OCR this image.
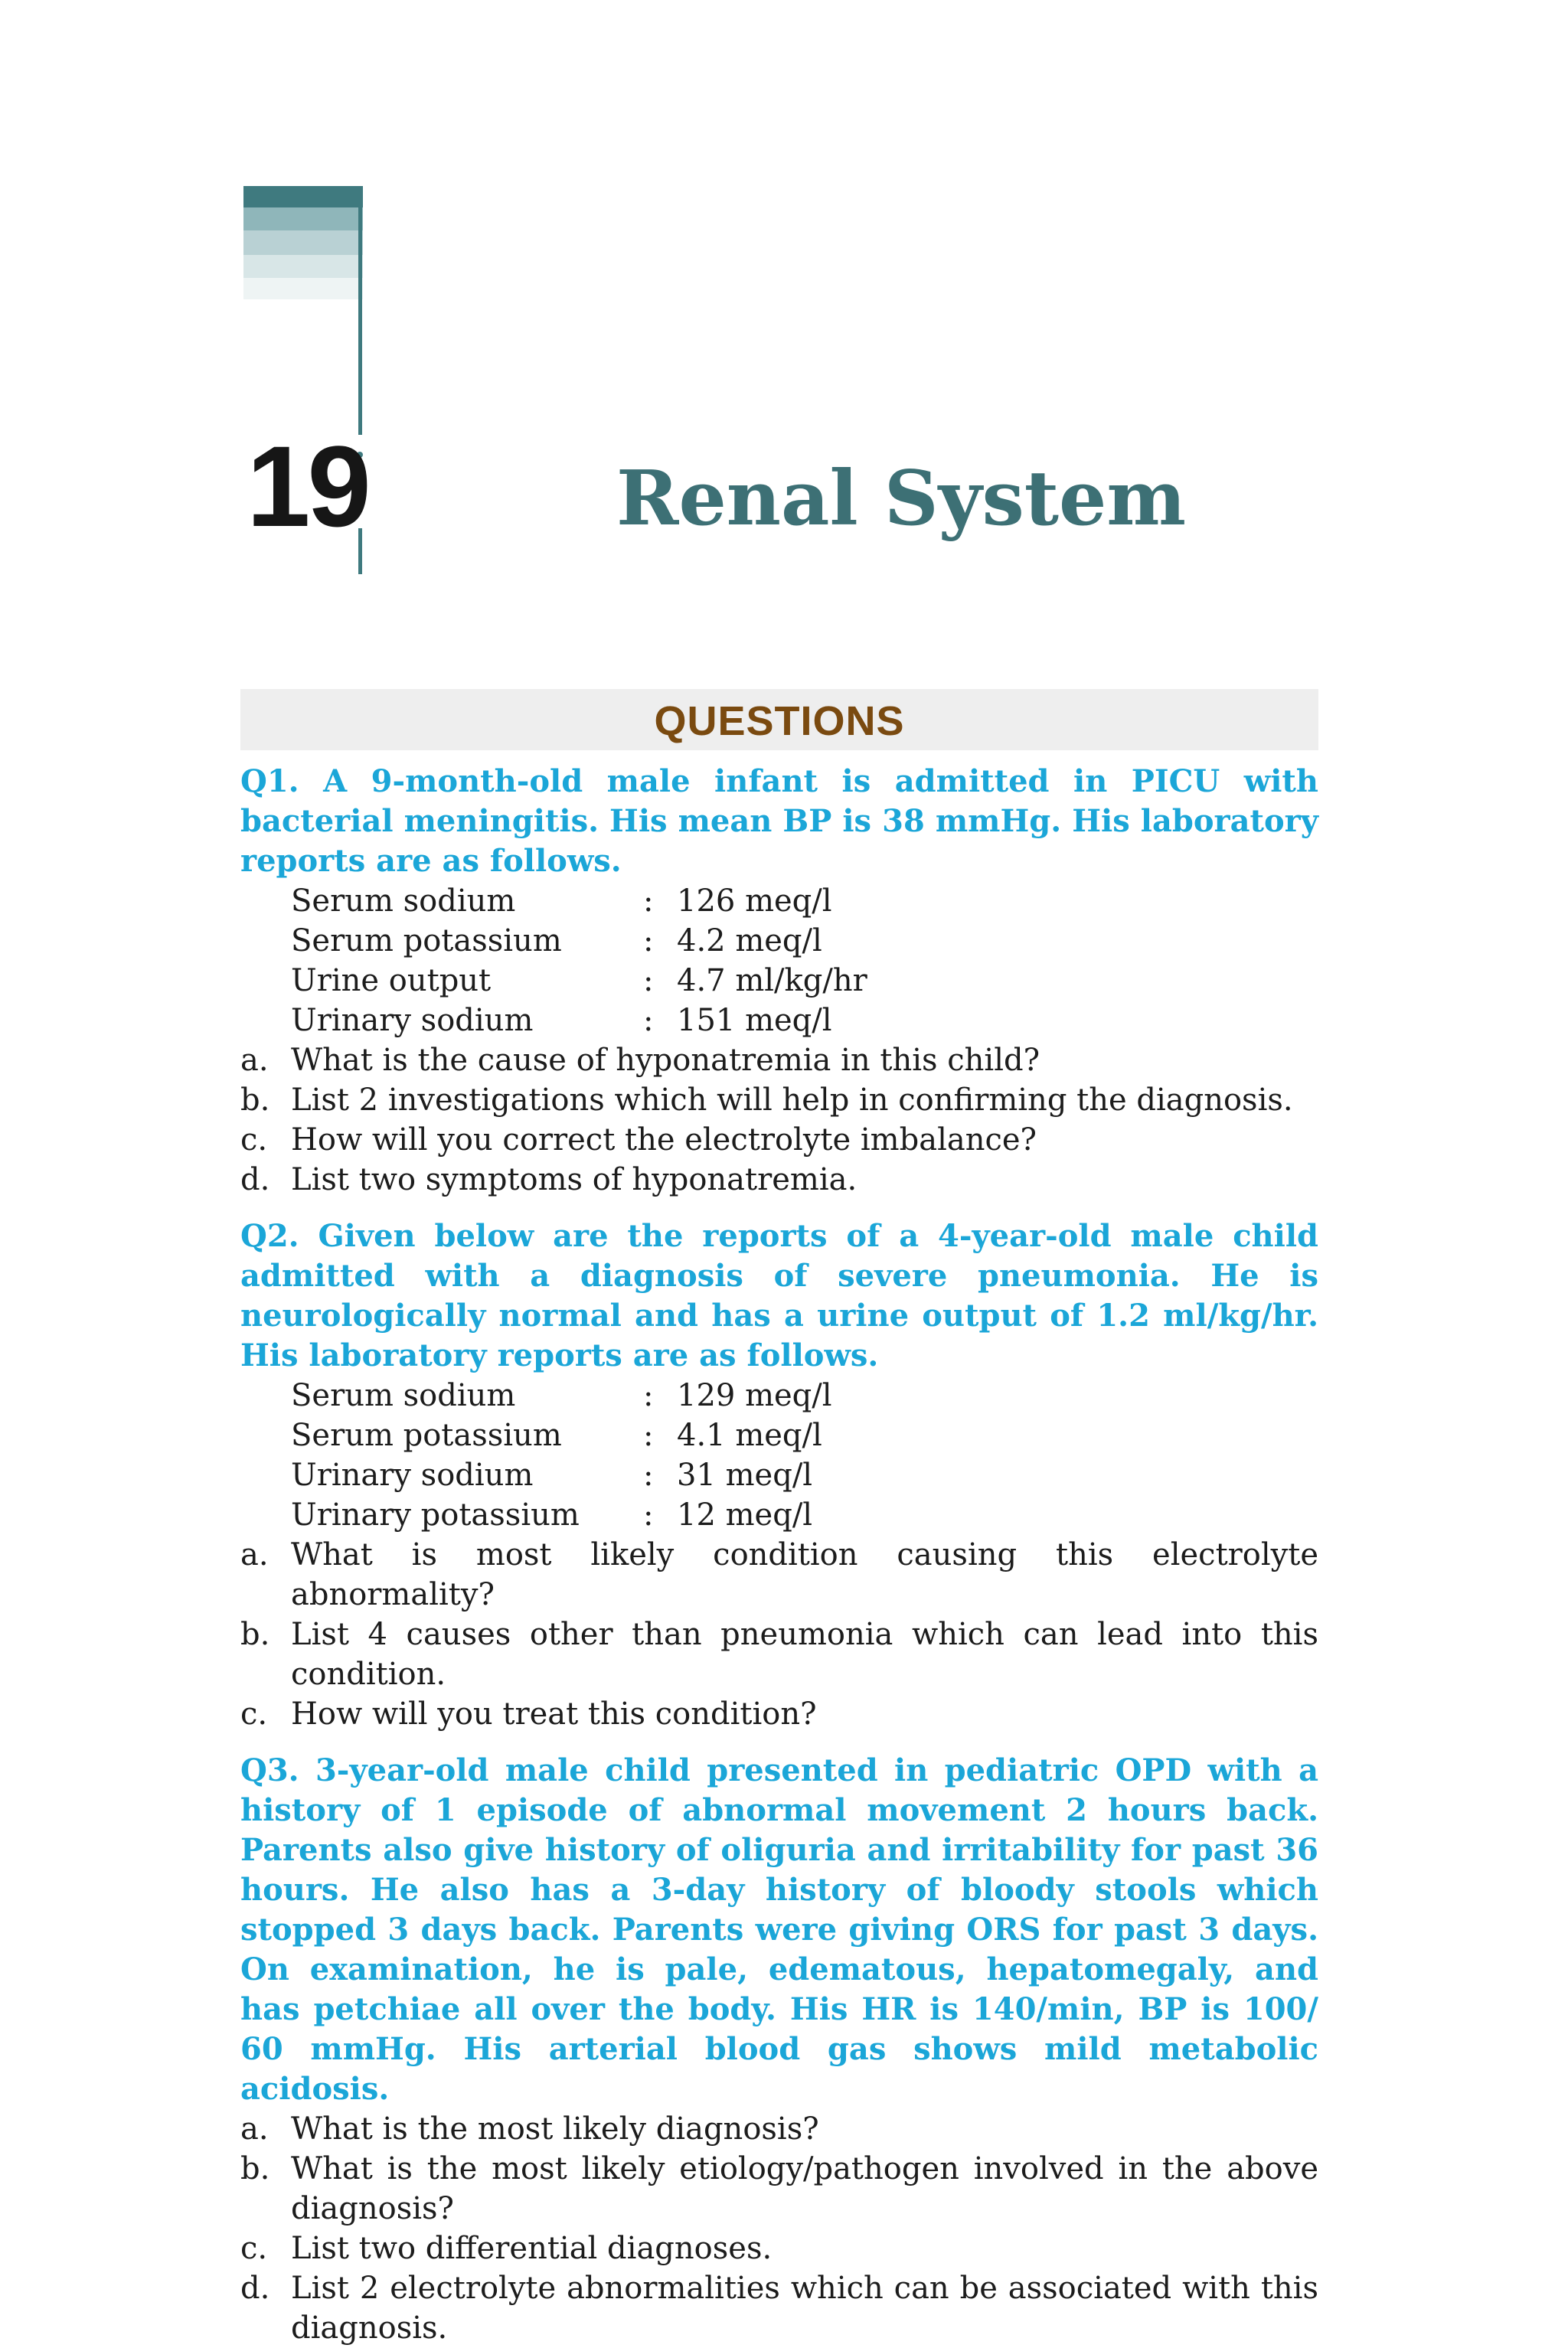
19	Renal System
QUESTIONS

Q1. A 9-month-old male infant is admitted in PICU with bacterial meningitis. His mean BP is 38 mmHg. His laboratory reports are as follows.

Serum sodium	: 126 meq/l
Serum potassium	: 4.2 meq/l
Urine output	: 4.7 ml/kg/hr
Urinary sodium	: 151 meq/l
a. What is the cause of hyponatremia in this child?
b. List 2 investigations which will help in confirming the diagnosis.
c. How will you correct the electrolyte imbalance?
d. List two symptoms of hyponatremia.

Q2. Given below are the reports of a 4-year-old male child admitted with a diagnosis of severe pneumonia. He is neurologically normal and has a urine output of 1.2 ml/kg/hr. His laboratory reports are as follows.

Serum sodium	: 129 meq/l
Serum potassium	: 4.1 meq/l
Urinary sodium	: 31 meq/l
Urinary potassium	: 12 meq/l
a. What is most likely condition causing this electrolyte abnormality?
b. List 4 causes other than pneumonia which can lead into this condition.
c. How will you treat this condition?

Q3. 3-year-old male child presented in pediatric OPD with a history of 1 episode of abnormal movement 2 hours back. Parents also give history of oliguria and irritability for past 36 hours. He also has a 3-day history of bloody stools which stopped 3 days back. Parents were giving ORS for past 3 days. On examination, he is pale, edematous, hepatomegaly, and has petchiae all over the body. His HR is 140/min, BP is 100/ 60 mmHg. His arterial blood gas shows mild metabolic acidosis.

a. What is the most likely diagnosis?
b. What is the most likely etiology/pathogen involved in the above diagnosis?
c. List two differential diagnoses.
d. List 2 electrolyte abnormalities which can be associated with this diagnosis.
